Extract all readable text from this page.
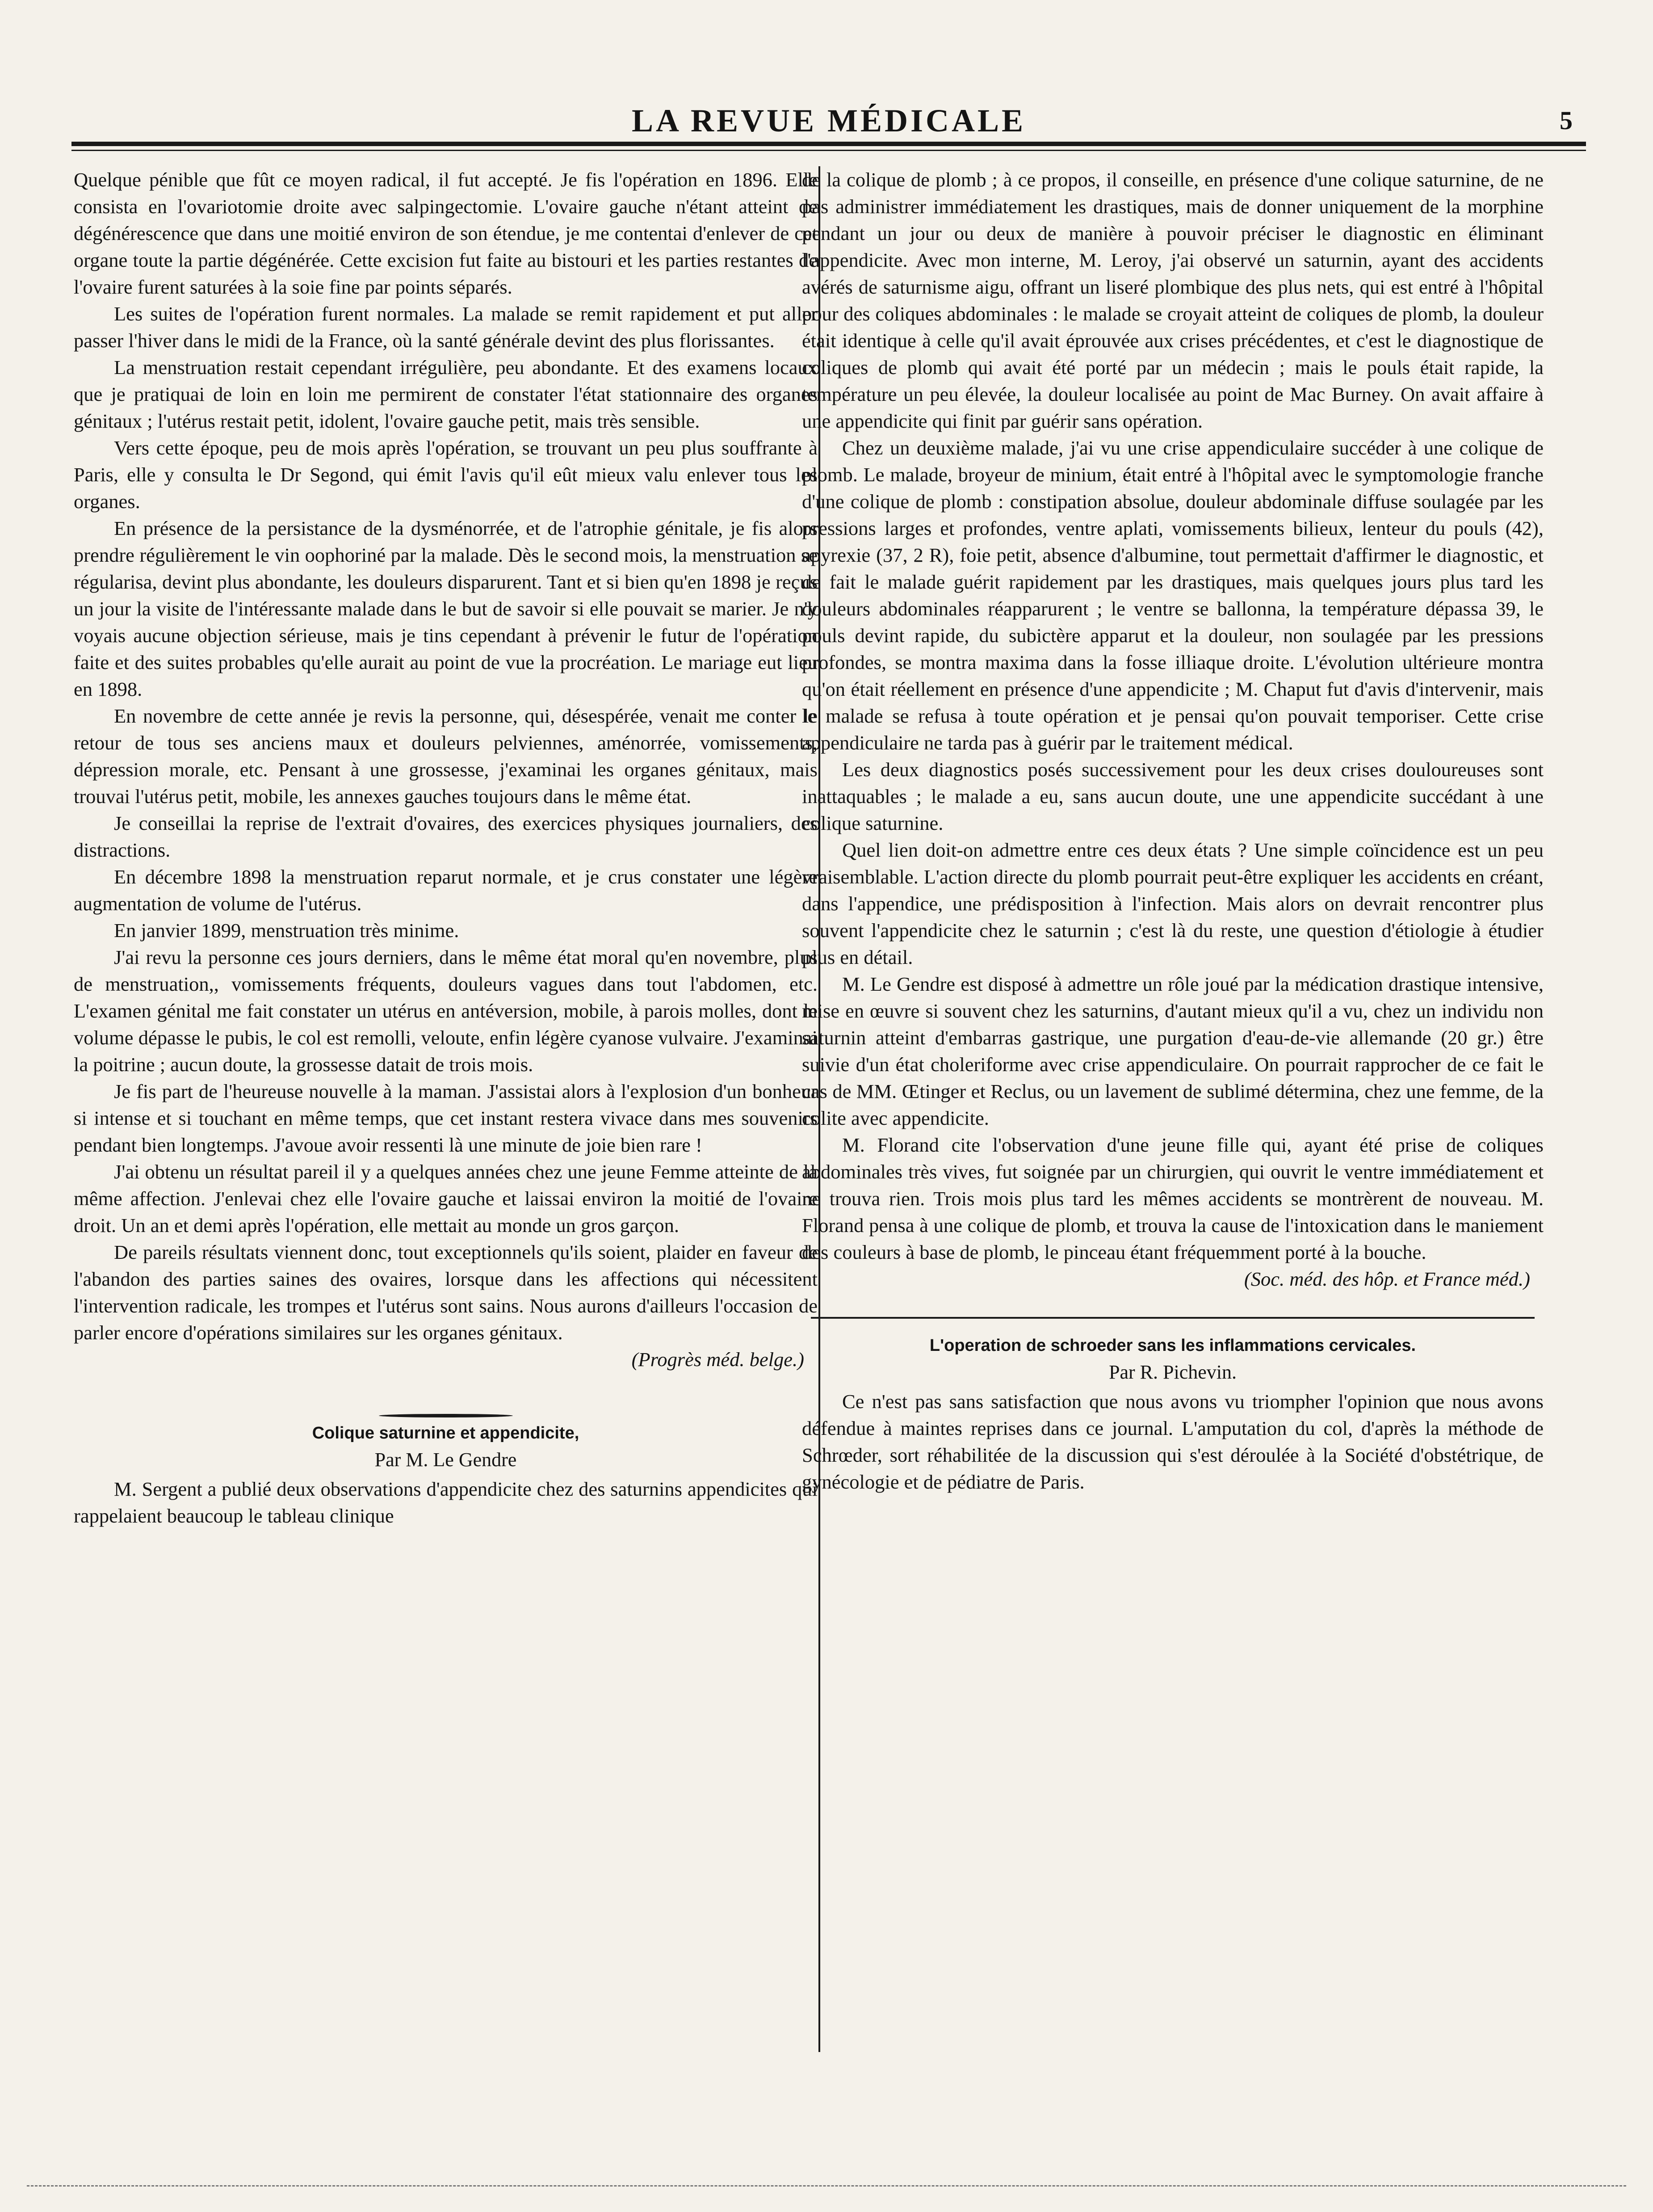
LA REVUE MÉDICALE	5

Quelque pénible que fût ce moyen radical, il fut accepté. Je fis l'opération en 1896. Elle consista en l'ovariotomie droite avec salpingectomie. L'ovaire gauche n'étant atteint de dégénérescence que dans une moitié environ de son étendue, je me contentai d'enlever de cet organe toute la partie dégénérée. Cette excision fut faite au bistouri et les parties restantes de l'ovaire furent saturées à la soie fine par points séparés.

Les suites de l'opération furent normales. La malade se remit rapidement et put aller passer l'hiver dans le midi de la France, où la santé générale devint des plus florissantes.

La menstruation restait cependant irrégulière, peu abondante. Et des examens locaux que je pratiquai de loin en loin me permirent de constater l'état stationnaire des organes génitaux ; l'utérus restait petit, idolent, l'ovaire gauche petit, mais très sensible.

Vers cette époque, peu de mois après l'opération, se trouvant un peu plus souffrante à Paris, elle y consulta le Dr Segond, qui émit l'avis qu'il eût mieux valu enlever tous les organes.

En présence de la persistance de la dysménorrée, et de l'atrophie génitale, je fis alors prendre régulièrement le vin oophoriné par la malade. Dès le second mois, la menstruation se régularisa, devint plus abondante, les douleurs disparurent. Tant et si bien qu'en 1898 je reçus un jour la visite de l'intéressante malade dans le but de savoir si elle pouvait se marier. Je n'y voyais aucune objection sérieuse, mais je tins cependant à prévenir le futur de l'opération faite et des suites probables qu'elle aurait au point de vue la procréation. Le mariage eut lieu en 1898.

En novembre de cette année je revis la personne, qui, désespérée, venait me conter le retour de tous ses anciens maux et douleurs pelviennes, aménorrée, vomissements, dépression morale, etc. Pensant à une grossesse, j'examinai les organes génitaux, mais trouvai l'utérus petit, mobile, les annexes gauches toujours dans le même état.

Je conseillai la reprise de l'extrait d'ovaires, des exercices physiques journaliers, des distractions.

En décembre 1898 la menstruation reparut normale, et je crus constater une légère augmentation de volume de l'utérus.

En janvier 1899, menstruation très minime.

J'ai revu la personne ces jours derniers, dans le même état moral qu'en novembre, plus de menstruation,, vomissements fréquents, douleurs vagues dans tout l'abdomen, etc. L'examen génital me fait constater un utérus en antéversion, mobile, à parois molles, dont le volume dépasse le pubis, le col est remolli, veloute, enfin légère cyanose vulvaire. J'examinai la poitrine ; aucun doute, la grossesse datait de trois mois.

Je fis part de l'heureuse nouvelle à la maman. J'assistai alors à l'explosion d'un bonheur si intense et si touchant en même temps, que cet instant restera vivace dans mes souvenirs pendant bien longtemps. J'avoue avoir ressenti là une minute de joie bien rare !

J'ai obtenu un résultat pareil il y a quelques années chez une jeune Femme atteinte de la même affection. J'enlevai chez elle l'ovaire gauche et laissai environ la moitié de l'ovaire droit. Un an et demi après l'opération, elle mettait au monde un gros garçon.

De pareils résultats viennent donc, tout exceptionnels qu'ils soient, plaider en faveur de l'abandon des parties saines des ovaires, lorsque dans les affections qui nécessitent l'intervention radicale, les trompes et l'utérus sont sains. Nous aurons d'ailleurs l'occasion de parler encore d'opérations similaires sur les organes génitaux.

(Progrès méd. belge.)
Colique saturnine et appendicite,
Par M. Le Gendre

M. Sergent a publié deux observations d'appendicite chez des saturnins appendicites qui rappelaient beaucoup le tableau clinique

de la colique de plomb ; à ce propos, il conseille, en présence d'une colique saturnine, de ne pas administrer immédiatement les drastiques, mais de donner uniquement de la morphine pendant un jour ou deux de manière à pouvoir préciser le diagnostic en éliminant l'appendicite. Avec mon interne, M. Leroy, j'ai observé un saturnin, ayant des accidents avérés de saturnisme aigu, offrant un liseré plombique des plus nets, qui est entré à l'hôpital pour des coliques abdominales : le malade se croyait atteint de coliques de plomb, la douleur était identique à celle qu'il avait éprouvée aux crises précédentes, et c'est le diagnostique de coliques de plomb qui avait été porté par un médecin ; mais le pouls était rapide, la température un peu élevée, la douleur localisée au point de Mac Burney. On avait affaire à une appendicite qui finit par guérir sans opération.

Chez un deuxième malade, j'ai vu une crise appendiculaire succéder à une colique de plomb. Le malade, broyeur de minium, était entré à l'hôpital avec le symptomologie franche d'une colique de plomb : constipation absolue, douleur abdominale diffuse soulagée par les pressions larges et profondes, ventre aplati, vomissements bilieux, lenteur du pouls (42), apyrexie (37, 2 R), foie petit, absence d'albumine, tout permettait d'affirmer le diagnostic, et de fait le malade guérit rapidement par les drastiques, mais quelques jours plus tard les douleurs abdominales réapparurent ; le ventre se ballonna, la température dépassa 39, le pouls devint rapide, du subictère apparut et la douleur, non soulagée par les pressions profondes, se montra maxima dans la fosse illiaque droite. L'évolution ultérieure montra qu'on était réellement en présence d'une appendicite ; M. Chaput fut d'avis d'intervenir, mais le malade se refusa à toute opération et je pensai qu'on pouvait temporiser. Cette crise appendiculaire ne tarda pas à guérir par le traitement médical.

Les deux diagnostics posés successivement pour les deux crises douloureuses sont inattaquables ; le malade a eu, sans aucun doute, une une appendicite succédant à une colique saturnine.

Quel lien doit-on admettre entre ces deux états ? Une simple coïncidence est un peu vraisemblable. L'action directe du plomb pourrait peut-être expliquer les accidents en créant, dans l'appendice, une prédisposition à l'infection. Mais alors on devrait rencontrer plus souvent l'appendicite chez le saturnin ; c'est là du reste, une question d'étiologie à étudier plus en détail.

M. Le Gendre est disposé à admettre un rôle joué par la médication drastique intensive, mise en œuvre si souvent chez les saturnins, d'autant mieux qu'il a vu, chez un individu non saturnin atteint d'embarras gastrique, une purgation d'eau-de-vie allemande (20 gr.) être suivie d'un état choleriforme avec crise appendiculaire. On pourrait rapprocher de ce fait le cas de MM. Œtinger et Reclus, ou un lavement de sublimé détermina, chez une femme, de la colite avec appendicite.

M. Florand cite l'observation d'une jeune fille qui, ayant été prise de coliques abdominales très vives, fut soignée par un chirurgien, qui ouvrit le ventre immédiatement et ne trouva rien. Trois mois plus tard les mêmes accidents se montrèrent de nouveau. M. Florand pensa à une colique de plomb, et trouva la cause de l'intoxication dans le maniement des couleurs à base de plomb, le pinceau étant fréquemment porté à la bouche.

(Soc. méd. des hôp. et France méd.)
L'operation de schroeder sans les inflammations cervicales.
Par R. Pichevin.

Ce n'est pas sans satisfaction que nous avons vu triompher l'opinion que nous avons défendue à maintes reprises dans ce journal. L'amputation du col, d'après la méthode de Schrœder, sort réhabilitée de la discussion qui s'est déroulée à la Société d'obstétrique, de gynécologie et de pédiatre de Paris.
